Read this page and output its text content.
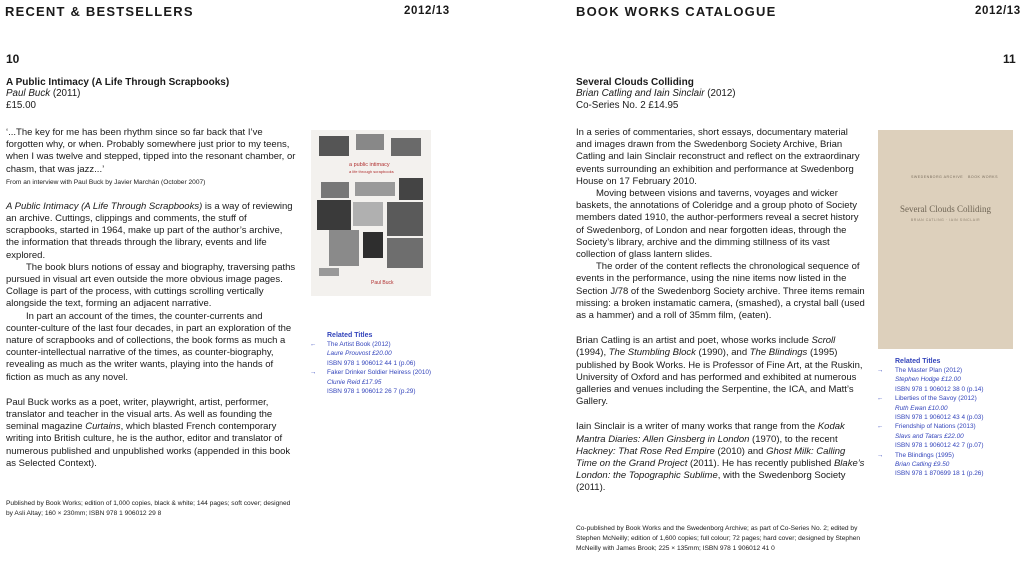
RECENT & BESTSELLERS	2012/13
10
A Public Intimacy (A Life Through Scrapbooks)
Paul Buck (2011)
£15.00

‘...The key for me has been rhythm since so far back that I’ve forgotten why, or when. Probably somewhere just prior to my teens, when I was twelve and stepped, tipped into the resonant chamber, or chasm, that was jazz...’

From an interview with Paul Buck by Javier Marchán (October 2007)

A Public Intimacy (A Life Through Scrapbooks) is a way of reviewing an archive. Cuttings, clippings and comments, the stuff of scrapbooks, started in 1964, make up part of the author’s archive, the information that threads through the library, events and life explored.

The book blurs notions of essay and biography, traversing paths pursued in visual art even outside the more obvious image pages. Collage is part of the process, with cuttings scrolling vertically alongside the text, forming an adjacent narrative.

In part an account of the times, the counter-currents and counter-culture of the last four decades, in part an exploration of the nature of scrapbooks and of collections, the book forms as much a counter-intellectual narrative of the times, as counter-biography, revealing as much as the writer wants, playing into the hands of fiction as much as any novel.

Paul Buck works as a poet, writer, playwright, artist, performer, translator and teacher in the visual arts. As well as founding the seminal magazine Curtains, which blasted French contemporary writing into British culture, he is the author, editor and translator of numerous published and unpublished works (appended in this book as Selected Context).

Published by Book Works; edition of 1,000 copies, black & white; 144 pages; soft cover; designed by Asli Altay; 160 × 230mm; ISBN 978 1 906012 29 8
a public intimacy
a life through scrapbooks
Paul Buck
Related Titles
← The Artist Book (2012)
Laure Prouvost £20.00
ISBN 978 1 906012 44 1 (p.06)
→ Faker Drinker Soldier Heiress (2010)
Clunie Reid £17.95
ISBN 978 1 906012 26 7 (p.29)
BOOK WORKS CATALOGUE	2012/13
11
Several Clouds Colliding
Brian Catling and Iain Sinclair (2012)
Co-Series No. 2 £14.95

In a series of commentaries, short essays, documentary material and images drawn from the Swedenborg Society Archive, Brian Catling and Iain Sinclair reconstruct and reflect on the extraordinary events surrounding an exhibition and performance at Swedenborg House on 17 February 2010.

Moving between visions and taverns, voyages and wicker baskets, the annotations of Coleridge and a group photo of Society members dated 1910, the author-performers reveal a secret history of Swedenborg, of London and near forgotten ideas, through the Society’s library, archive and the dimming stillness of its vast collection of glass lantern slides.

The order of the content reflects the chronological sequence of events in the performance, using the nine items now listed in the Section J/78 of the Swedenborg Society archive. Three items remain missing: a broken instamatic camera, (smashed), a crystal ball (used as a hammer) and a roll of 35mm film, (eaten).

Brian Catling is an artist and poet, whose works include Scroll (1994), The Stumbling Block (1990), and The Blindings (1995) published by Book Works. He is Professor of Fine Art, at the Ruskin, University of Oxford and has performed and exhibited at numerous galleries and venues including the Serpentine, the ICA, and Matt’s Gallery.

Iain Sinclair is a writer of many works that range from the Kodak Mantra Diaries: Allen Ginsberg in London (1970), to the recent Hackney: That Rose Red Empire (2010) and Ghost Milk: Calling Time on the Grand Project (2011). He has recently published Blake’s London: the Topographic Sublime, with the Swedenborg Society (2011).

Co-published by Book Works and the Swedenborg Archive; as part of Co-Series No. 2; edited by Stephen McNeilly; edition of 1,600 copies; full colour; 72 pages; hard cover; designed by Stephen McNeilly with James Brook; 225 × 135mm; ISBN 978 1 906012 41 0
SWEDENBORG ARCHIVE BOOK WORKS
Several Clouds Colliding
BRIAN CATLING · IAIN SINCLAIR
Related Titles
→ The Master Plan (2012)
Stephen Hodge £12.00
ISBN 978 1 906012 38 0 (p.14)
← Liberties of the Savoy (2012)
Ruth Ewan £10.00
ISBN 978 1 906012 43 4 (p.03)
← Friendship of Nations (2013)
Slavs and Tatars £22.00
ISBN 978 1 906012 42 7 (p.07)
→ The Blindings (1995)
Brian Catling £9.50
ISBN 978 1 870699 18 1 (p.26)
